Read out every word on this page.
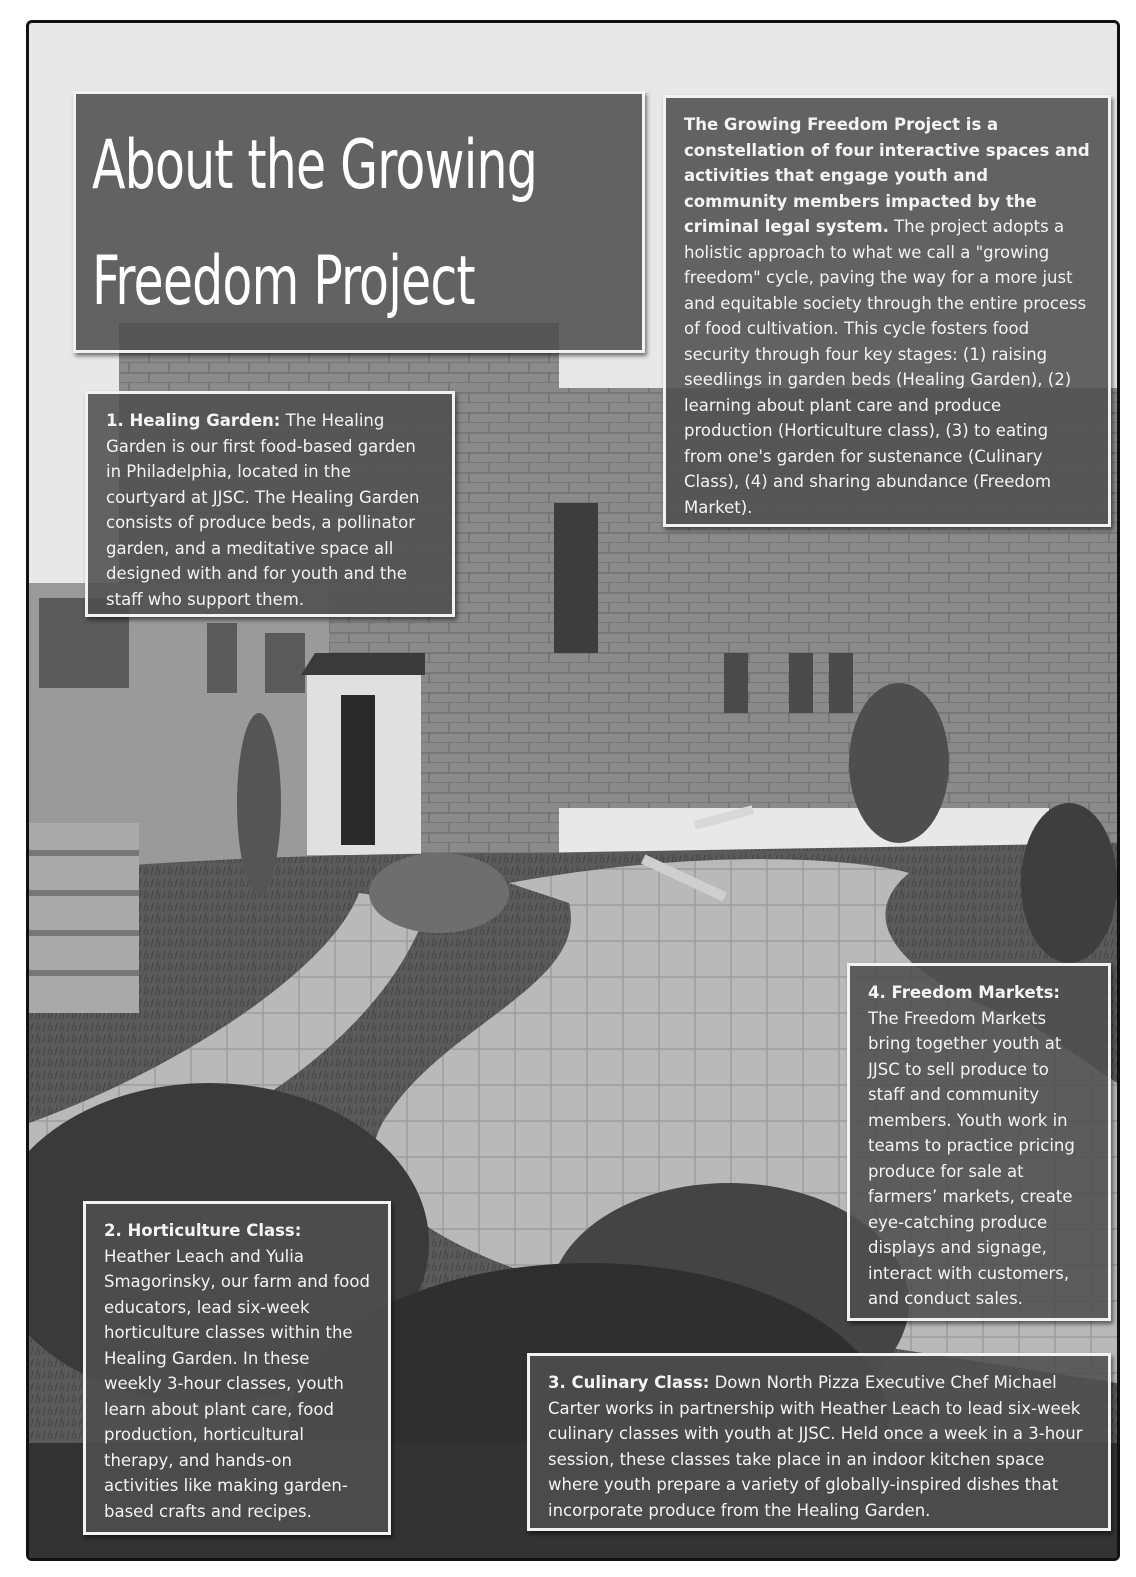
About the Growing Freedom Project
The Growing Freedom Project is a constellation of four interactive spaces and activities that engage youth and community members impacted by the criminal legal system. The project adopts a holistic approach to what we call a "growing freedom" cycle, paving the way for a more just and equitable society through the entire process of food cultivation. This cycle fosters food security through four key stages: (1) raising seedlings in garden beds (Healing Garden), (2) learning about plant care and produce production (Horticulture class), (3) to eating from one's garden for sustenance (Culinary Class), (4) and sharing abundance (Freedom Market).
1. Healing Garden: The Healing Garden is our first food-based garden in Philadelphia, located in the courtyard at JJSC. The Healing Garden consists of produce beds, a pollinator garden, and a meditative space all designed with and for youth and the staff who support them.
2. Horticulture Class: Heather Leach and Yulia Smagorinsky, our farm and food educators, lead six-week horticulture classes within the Healing Garden. In these weekly 3-hour classes, youth learn about plant care, food production, horticultural therapy, and hands-on activities like making garden-based crafts and recipes.
3. Culinary Class: Down North Pizza Executive Chef Michael Carter works in partnership with Heather Leach to lead six-week culinary classes with youth at JJSC. Held once a week in a 3-hour session, these classes take place in an indoor kitchen space where youth prepare a variety of globally-inspired dishes that incorporate produce from the Healing Garden.
4. Freedom Markets: The Freedom Markets bring together youth at JJSC to sell produce to staff and community members. Youth work in teams to practice pricing produce for sale at farmers’ markets, create eye-catching produce displays and signage, interact with customers, and conduct sales.
